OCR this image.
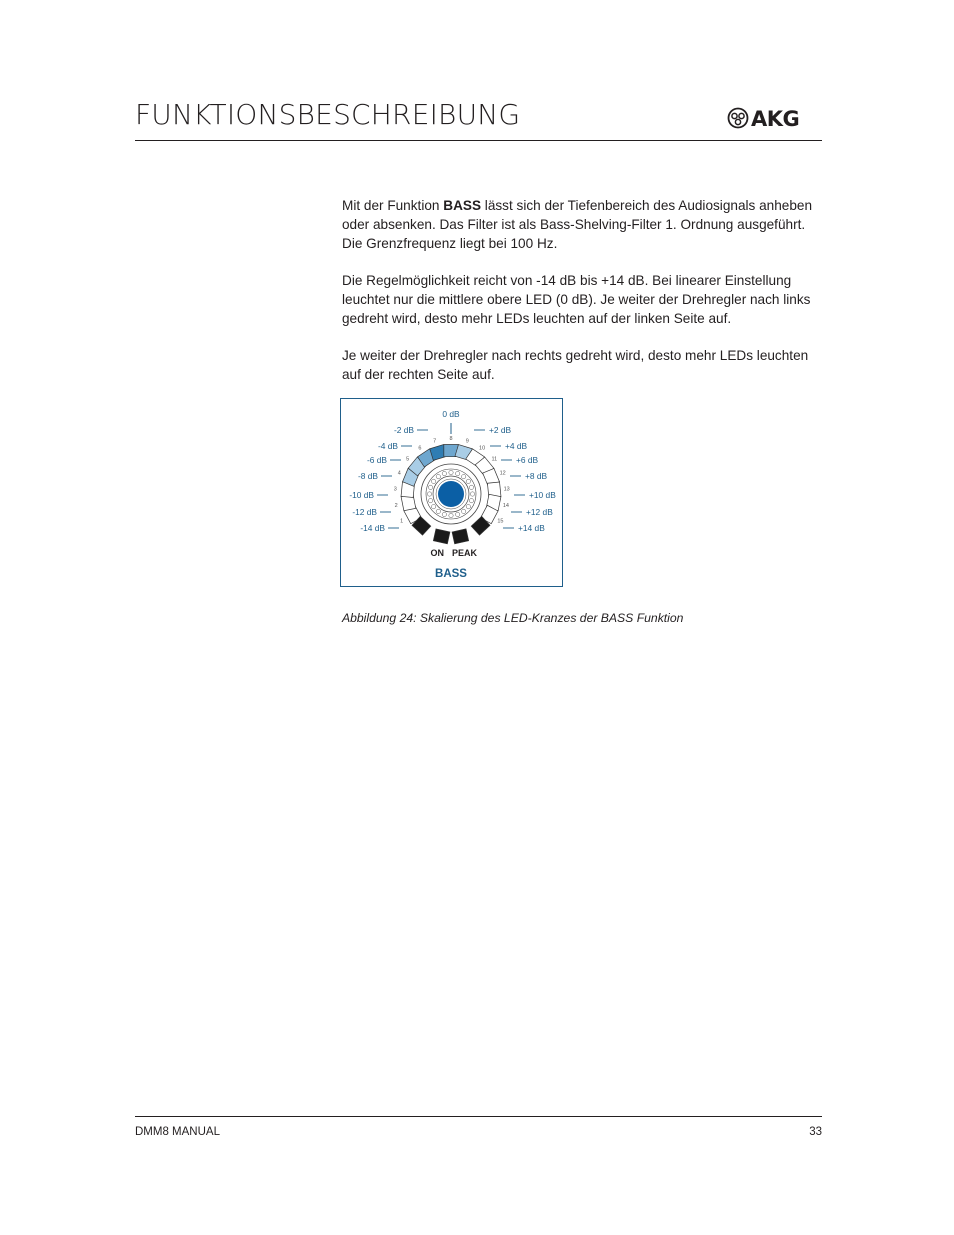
FUNKTIONSBESCHREIBUNG	AKG
Mit der Funktion BASS lässt sich der Tiefenbereich des Audiosignals anheben oder absenken. Das Filter ist als Bass-Shelving-Filter 1. Ordnung ausgeführt. Die Grenzfrequenz liegt bei 100 Hz.
Die Regelmöglichkeit reicht von -14 dB bis +14 dB. Bei linearer Einstellung leuchtet nur die mittlere obere LED (0 dB). Je weiter der Drehregler nach links gedreht wird, desto mehr LEDs leuchten auf der linken Seite auf.
Je weiter der Drehregler nach rechts gedreht wird, desto mehr LEDs leuchten auf der rechten Seite auf.
-2 dB
-4 dB
-6 dB
-8 dB
-10 dB
-12 dB
-14 dB
+2 dB
+4 dB
+6 dB
+8 dB
+10 dB
+12 dB
+14 dB
1
2
3
4
5
6
7 8 9
10
11
12
13
14
15
0 dB
ON PEAK
BASS
Abbildung 24: Skalierung des LED-Kranzes der BASS Funktion
DMM8 MANUAL	33
